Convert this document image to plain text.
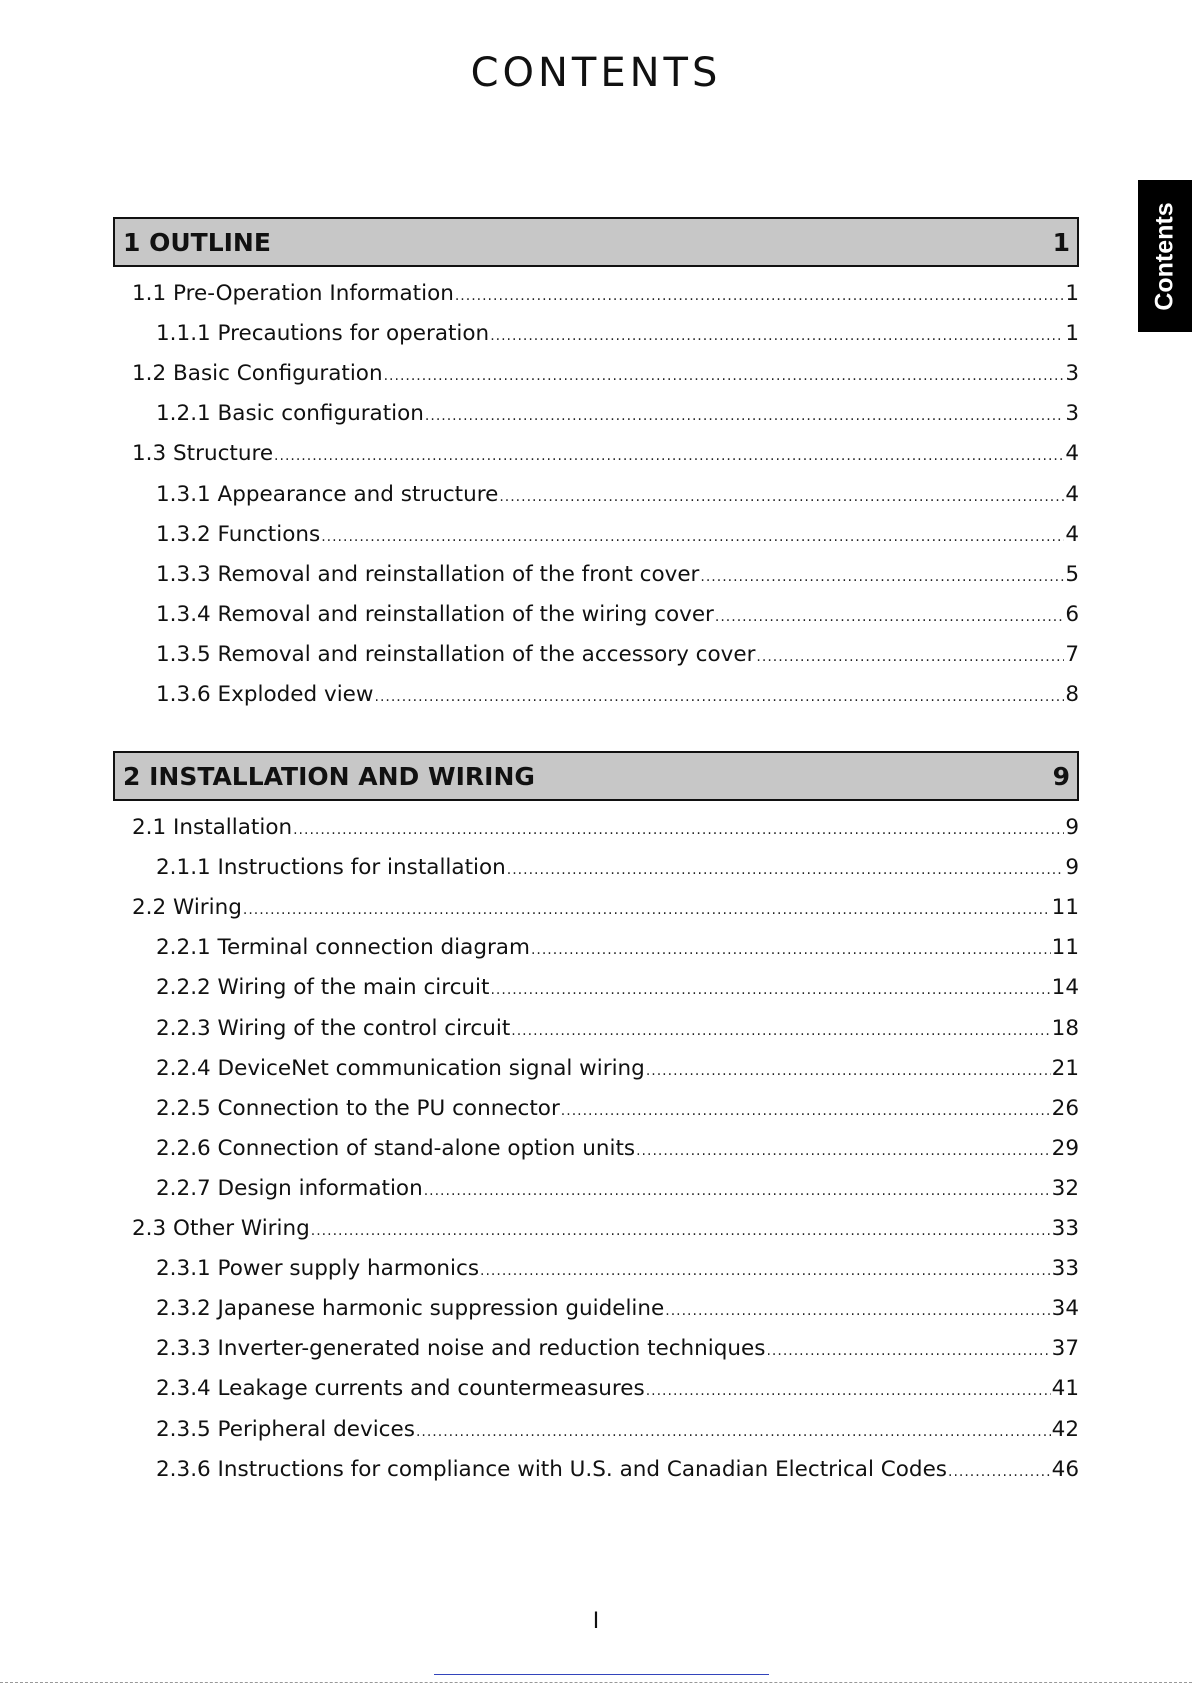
CONTENTS
Contents
1 OUTLINE	1
1.1 Pre-Operation Information .....	1
1.1.1 Precautions for operation .....	1
1.2 Basic Configuration .....	3
1.2.1 Basic configuration .....	3
1.3 Structure .....	4
1.3.1 Appearance and structure .....	4
1.3.2 Functions .....	4
1.3.3 Removal and reinstallation of the front cover .....	5
1.3.4 Removal and reinstallation of the wiring cover .....	6
1.3.5 Removal and reinstallation of the accessory cover .....	7
1.3.6 Exploded view .....	8
2 INSTALLATION AND WIRING	9
2.1 Installation .....	9
2.1.1 Instructions for installation .....	9
2.2 Wiring .....	11
2.2.1 Terminal connection diagram .....	11
2.2.2 Wiring of the main circuit .....	14
2.2.3 Wiring of the control circuit .....	18
2.2.4 DeviceNet communication signal wiring .....	21
2.2.5 Connection to the PU connector .....	26
2.2.6 Connection of stand-alone option units .....	29
2.2.7 Design information .....	32
2.3 Other Wiring .....	33
2.3.1 Power supply harmonics .....	33
2.3.2 Japanese harmonic suppression guideline .....	34
2.3.3 Inverter-generated noise and reduction techniques .....	37
2.3.4 Leakage currents and countermeasures .....	41
2.3.5 Peripheral devices .....	42
2.3.6 Instructions for compliance with U.S. and Canadian Electrical Codes .....	46
I
